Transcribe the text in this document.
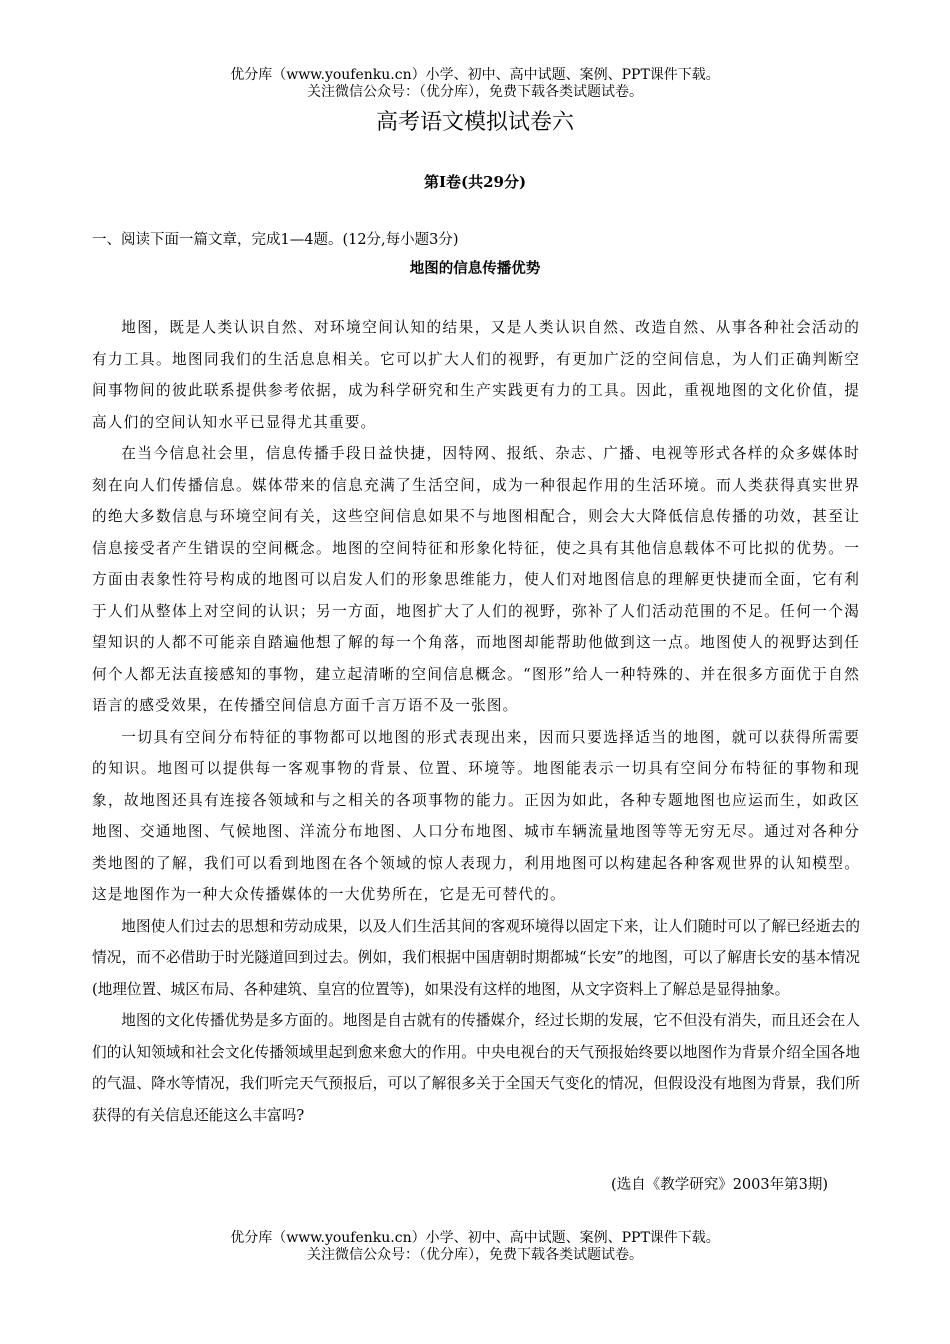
优分库（www.youfenku.cn）小学、初中、高中试题、案例、PPT课件下载。
关注微信公众号：（优分库），免费下载各类试题试卷。
高考语文模拟试卷六
第Ⅰ卷(共29分)
一、阅读下面一篇文章，完成1—4题。(12分,每小题3分)
地图的信息传播优势

地图，既是人类认识自然、对环境空间认知的结果，又是人类认识自然、改造自然、从事各种社会活动的有力工具。地图同我们的生活息息相关。它可以扩大人们的视野，有更加广泛的空间信息，为人们正确判断空间事物间的彼此联系提供参考依据，成为科学研究和生产实践更有力的工具。因此，重视地图的文化价值，提高人们的空间认知水平已显得尤其重要。

在当今信息社会里，信息传播手段日益快捷，因特网、报纸、杂志、广播、电视等形式各样的众多媒体时刻在向人们传播信息。媒体带来的信息充满了生活空间，成为一种很起作用的生活环境。而人类获得真实世界的绝大多数信息与环境空间有关，这些空间信息如果不与地图相配合，则会大大降低信息传播的功效，甚至让信息接受者产生错误的空间概念。地图的空间特征和形象化特征，使之具有其他信息载体不可比拟的优势。一方面由表象性符号构成的地图可以启发人们的形象思维能力，使人们对地图信息的理解更快捷而全面，它有利于人们从整体上对空间的认识；另一方面，地图扩大了人们的视野，弥补了人们活动范围的不足。任何一个渴望知识的人都不可能亲自踏遍他想了解的每一个角落，而地图却能帮助他做到这一点。地图使人的视野达到任何个人都无法直接感知的事物，建立起清晰的空间信息概念。“图形”给人一种特殊的、并在很多方面优于自然语言的感受效果，在传播空间信息方面千言万语不及一张图。

一切具有空间分布特征的事物都可以地图的形式表现出来，因而只要选择适当的地图，就可以获得所需要的知识。地图可以提供每一客观事物的背景、位置、环境等。地图能表示一切具有空间分布特征的事物和现象，故地图还具有连接各领域和与之相关的各项事物的能力。正因为如此，各种专题地图也应运而生，如政区地图、交通地图、气候地图、洋流分布地图、人口分布地图、城市车辆流量地图等等无穷无尽。通过对各种分类地图的了解，我们可以看到地图在各个领域的惊人表现力，利用地图可以构建起各种客观世界的认知模型。这是地图作为一种大众传播媒体的一大优势所在，它是无可替代的。

地图使人们过去的思想和劳动成果，以及人们生活其间的客观环境得以固定下来，让人们随时可以了解已经逝去的情况，而不必借助于时光隧道回到过去。例如，我们根据中国唐朝时期都城“长安”的地图，可以了解唐长安的基本情况(地理位置、城区布局、各种建筑、皇宫的位置等)，如果没有这样的地图，从文字资料上了解总是显得抽象。

地图的文化传播优势是多方面的。地图是自古就有的传播媒介，经过长期的发展，它不但没有消失，而且还会在人们的认知领域和社会文化传播领域里起到愈来愈大的作用。中央电视台的天气预报始终要以地图作为背景介绍全国各地的气温、降水等情况，我们听完天气预报后，可以了解很多关于全国天气变化的情况，但假设没有地图为背景，我们所获得的有关信息还能这么丰富吗?

(选自《教学研究》2003年第3期)
优分库（www.youfenku.cn）小学、初中、高中试题、案例、PPT课件下载。
关注微信公众号：（优分库），免费下载各类试题试卷。
